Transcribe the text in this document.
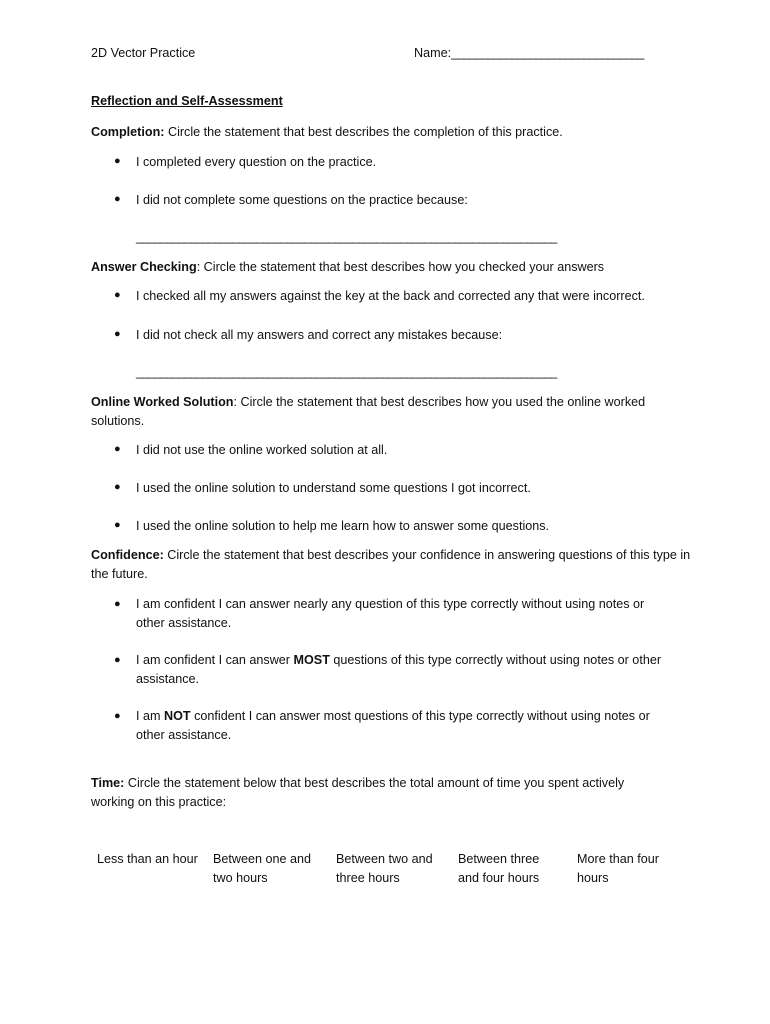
2D Vector Practice	Name:________________________________
Reflection and Self-Assessment
Completion: Circle the statement that best describes the completion of this practice.
● I completed every question on the practice.
● I did not complete some questions on the practice because:
______________________________________________________________________
Answer Checking: Circle the statement that best describes how you checked your answers
● I checked all my answers against the key at the back and corrected any that were incorrect.
● I did not check all my answers and correct any mistakes because:
______________________________________________________________________
Online Worked Solution: Circle the statement that best describes how you used the online worked solutions.
● I did not use the online worked solution at all.
● I used the online solution to understand some questions I got incorrect.
● I used the online solution to help me learn how to answer some questions.
Confidence: Circle the statement that best describes your confidence in answering questions of this type in the future.
● I am confident I can answer nearly any question of this type correctly without using notes or other assistance.
● I am confident I can answer MOST questions of this type correctly without using notes or other assistance.
● I am NOT confident I can answer most questions of this type correctly without using notes or other assistance.
Time: Circle the statement below that best describes the total amount of time you spent actively working on this practice:
Less than an hour	Between one and two hours
Between two and three hours
Between three and four hours
More than four hours
